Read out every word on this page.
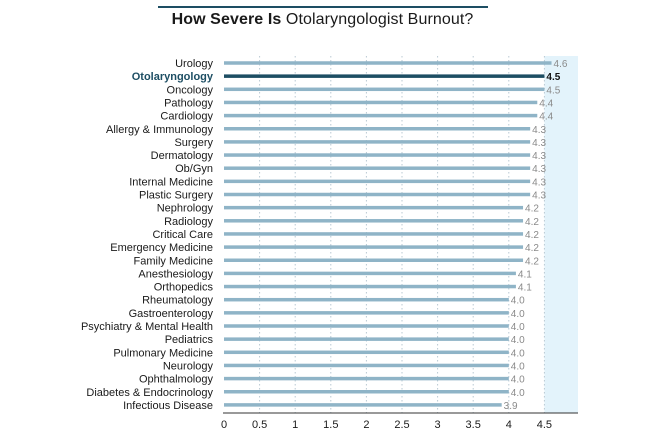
How Severe Is Otolaryngologist Burnout?
Urology	4.6
Otolaryngology	4.5
Oncology	4.5
Pathology	4.4
Cardiology	4.4
Allergy & Immunology	4.3
Surgery	4.3
Dermatology	4.3
Ob/Gyn	4.3
Internal Medicine	4.3
Plastic Surgery	4.3
Nephrology	4.2
Radiology	4.2
Critical Care	4.2
Emergency Medicine	4.2
Family Medicine	4.2
Anesthesiology	4.1
Orthopedics	4.1
Rheumatology	4.0
Gastroenterology	4.0
Psychiatry & Mental Health	4.0
Pediatrics	4.0
Pulmonary Medicine	4.0
Neurology	4.0
Ophthalmology	4.0
Diabetes & Endocrinology	4.0
Infectious Disease	3.9
0 0.5 1 1.5 2 2.5 3 3.5 4 4.5
